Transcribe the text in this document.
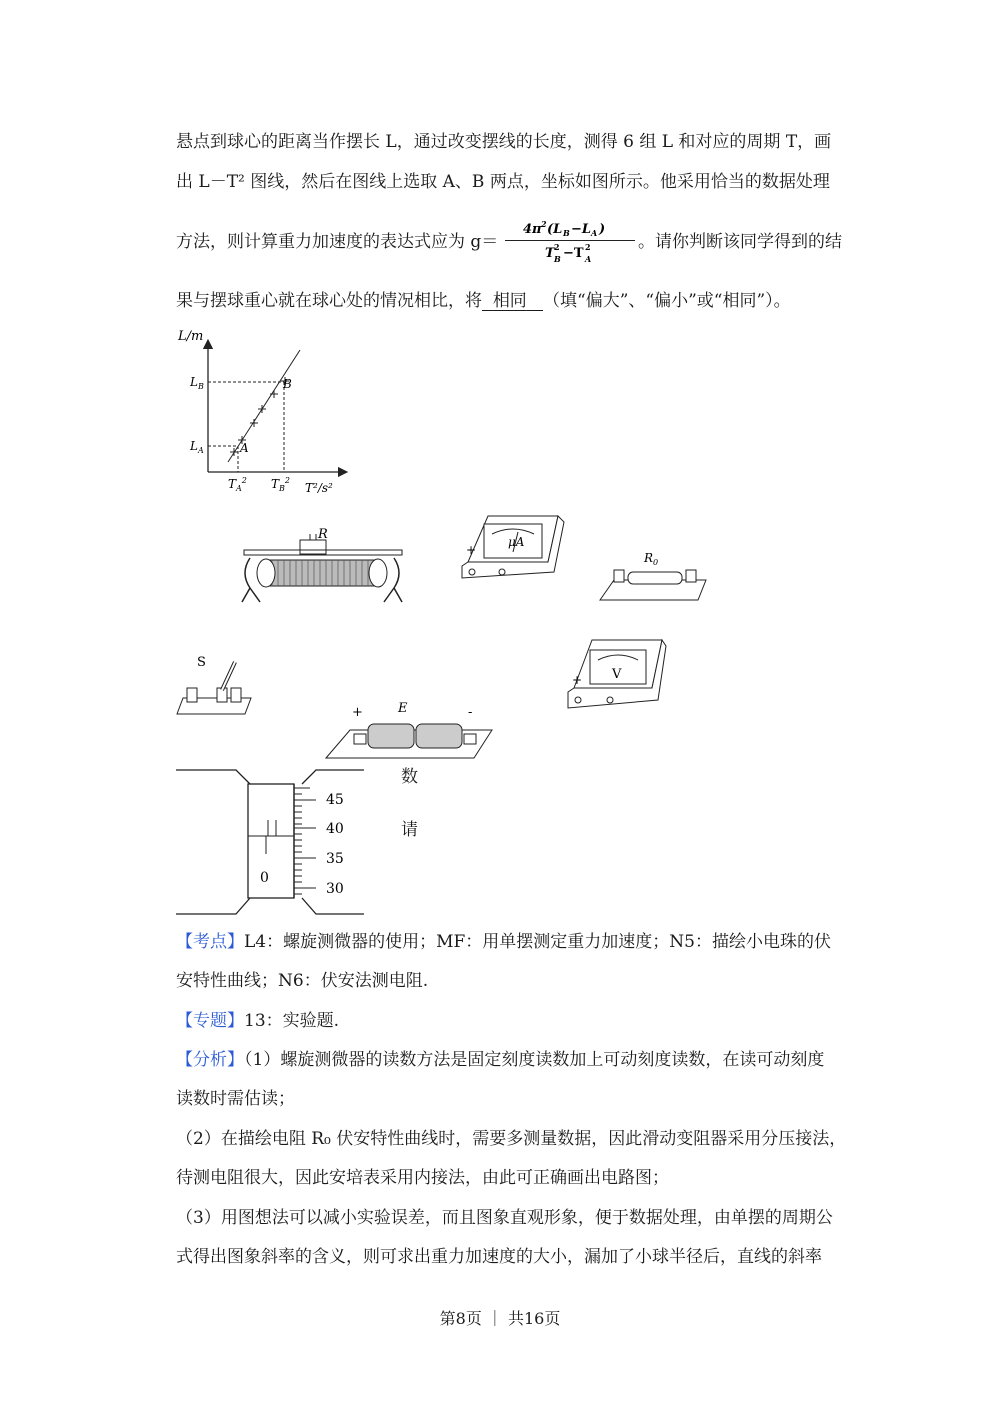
悬点到球心的距离当作摆长 L，通过改变摆线的长度，测得 6 组 L 和对应的周期 T，画
出 L－T² 图线，然后在图线上选取 A、B 两点，坐标如图所示。他采用恰当的数据处理
方法，则计算重力加速度的表达式应为 g＝
4π 2 (L B −L A )
T 2
B −T 2
A
。请你判断该同学得到的结
果与摆球重心就在球心处的情况相比，将 相同 （填“偏大”、“偏小”或“相同”）。
L/m
T²/s²
$L_B$
$L_A$
$T_A^2$ $T_B^2$
A
B
R	μA
+
$R_0$
S
+	E	-
V
+
45
40
35
30
0
数
请
【考点】L4：螺旋测微器的使用；MF：用单摆测定重力加速度；N5：描绘小电珠的伏
安特性曲线；N6：伏安法测电阻.
【专题】13：实验题.
【分析】（1）螺旋测微器的读数方法是固定刻度读数加上可动刻度读数，在读可动刻度
读数时需估读；
（2）在描绘电阻 R₀ 伏安特性曲线时，需要多测量数据，因此滑动变阻器采用分压接法，
待测电阻很大，因此安培表采用内接法，由此可正确画出电路图；
（3）用图想法可以减小实验误差，而且图象直观形象，便于数据处理，由单摆的周期公
式得出图象斜率的含义，则可求出重力加速度的大小，漏加了小球半径后，直线的斜率
第8页 ｜ 共16页
